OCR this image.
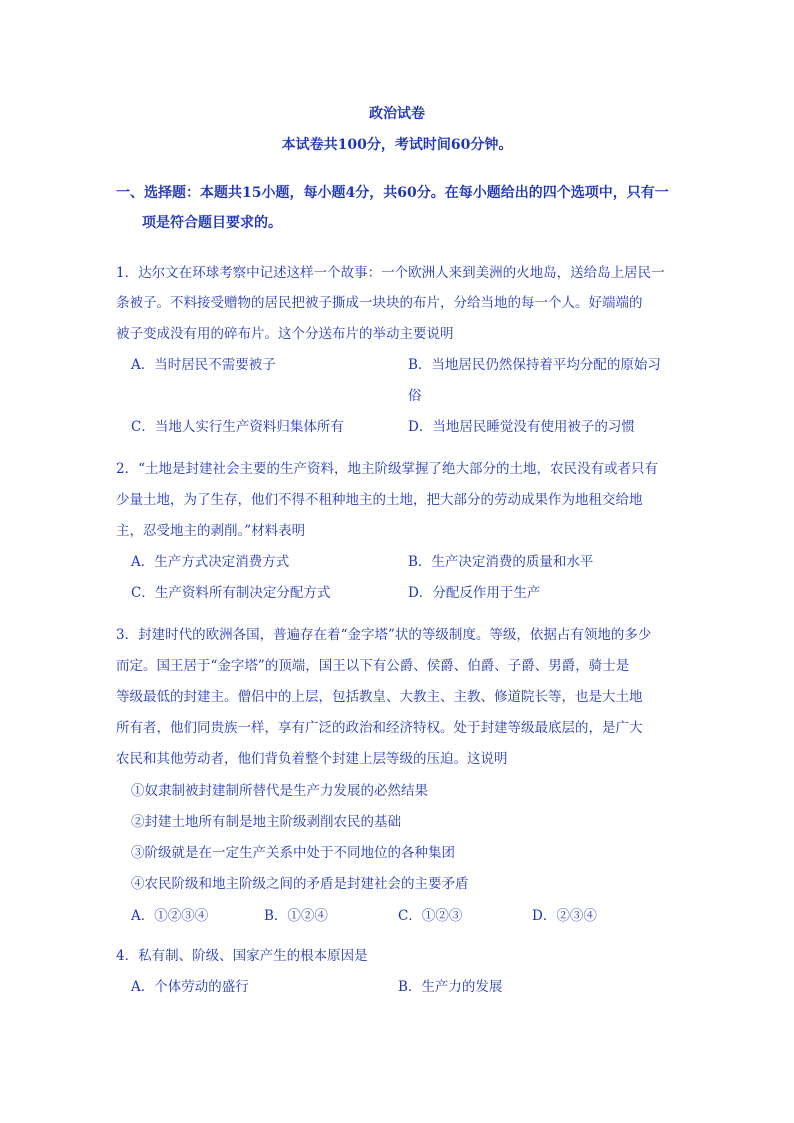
政治试卷
本试卷共100分，考试时间60分钟。
一、选择题：本题共15小题，每小题4分，共60分。在每小题给出的四个选项中，只有一
项是符合题目要求的。
1．达尔文在环球考察中记述这样一个故事：一个欧洲人来到美洲的火地岛，送给岛上居民一
条被子。不料接受赠物的居民把被子撕成一块块的布片，分给当地的每一个人。好端端的
被子变成没有用的碎布片。这个分送布片的举动主要说明
A．当时居民不需要被子	B．当地居民仍然保持着平均分配的原始习
俗
C．当地人实行生产资料归集体所有	D．当地居民睡觉没有使用被子的习惯
2．“土地是封建社会主要的生产资料，地主阶级掌握了绝大部分的土地，农民没有或者只有
少量土地，为了生存，他们不得不租种地主的土地，把大部分的劳动成果作为地租交给地
主，忍受地主的剥削。”材料表明
A．生产方式决定消费方式	B．生产决定消费的质量和水平
C．生产资料所有制决定分配方式	D．分配反作用于生产
3．封建时代的欧洲各国，普遍存在着“金字塔”状的等级制度。等级，依据占有领地的多少
而定。国王居于“金字塔”的顶端，国王以下有公爵、侯爵、伯爵、子爵、男爵，骑士是
等级最低的封建主。僧侣中的上层，包括教皇、大教主、主教、修道院长等，也是大土地
所有者，他们同贵族一样，享有广泛的政治和经济特权。处于封建等级最底层的，是广大
农民和其他劳动者，他们背负着整个封建上层等级的压迫。这说明
①奴隶制被封建制所替代是生产力发展的必然结果
②封建土地所有制是地主阶级剥削农民的基础
③阶级就是在一定生产关系中处于不同地位的各种集团
④农民阶级和地主阶级之间的矛盾是封建社会的主要矛盾
A．①②③④	B．①②④	C．①②③	D．②③④
4．私有制、阶级、国家产生的根本原因是
A．个体劳动的盛行	B．生产力的发展
